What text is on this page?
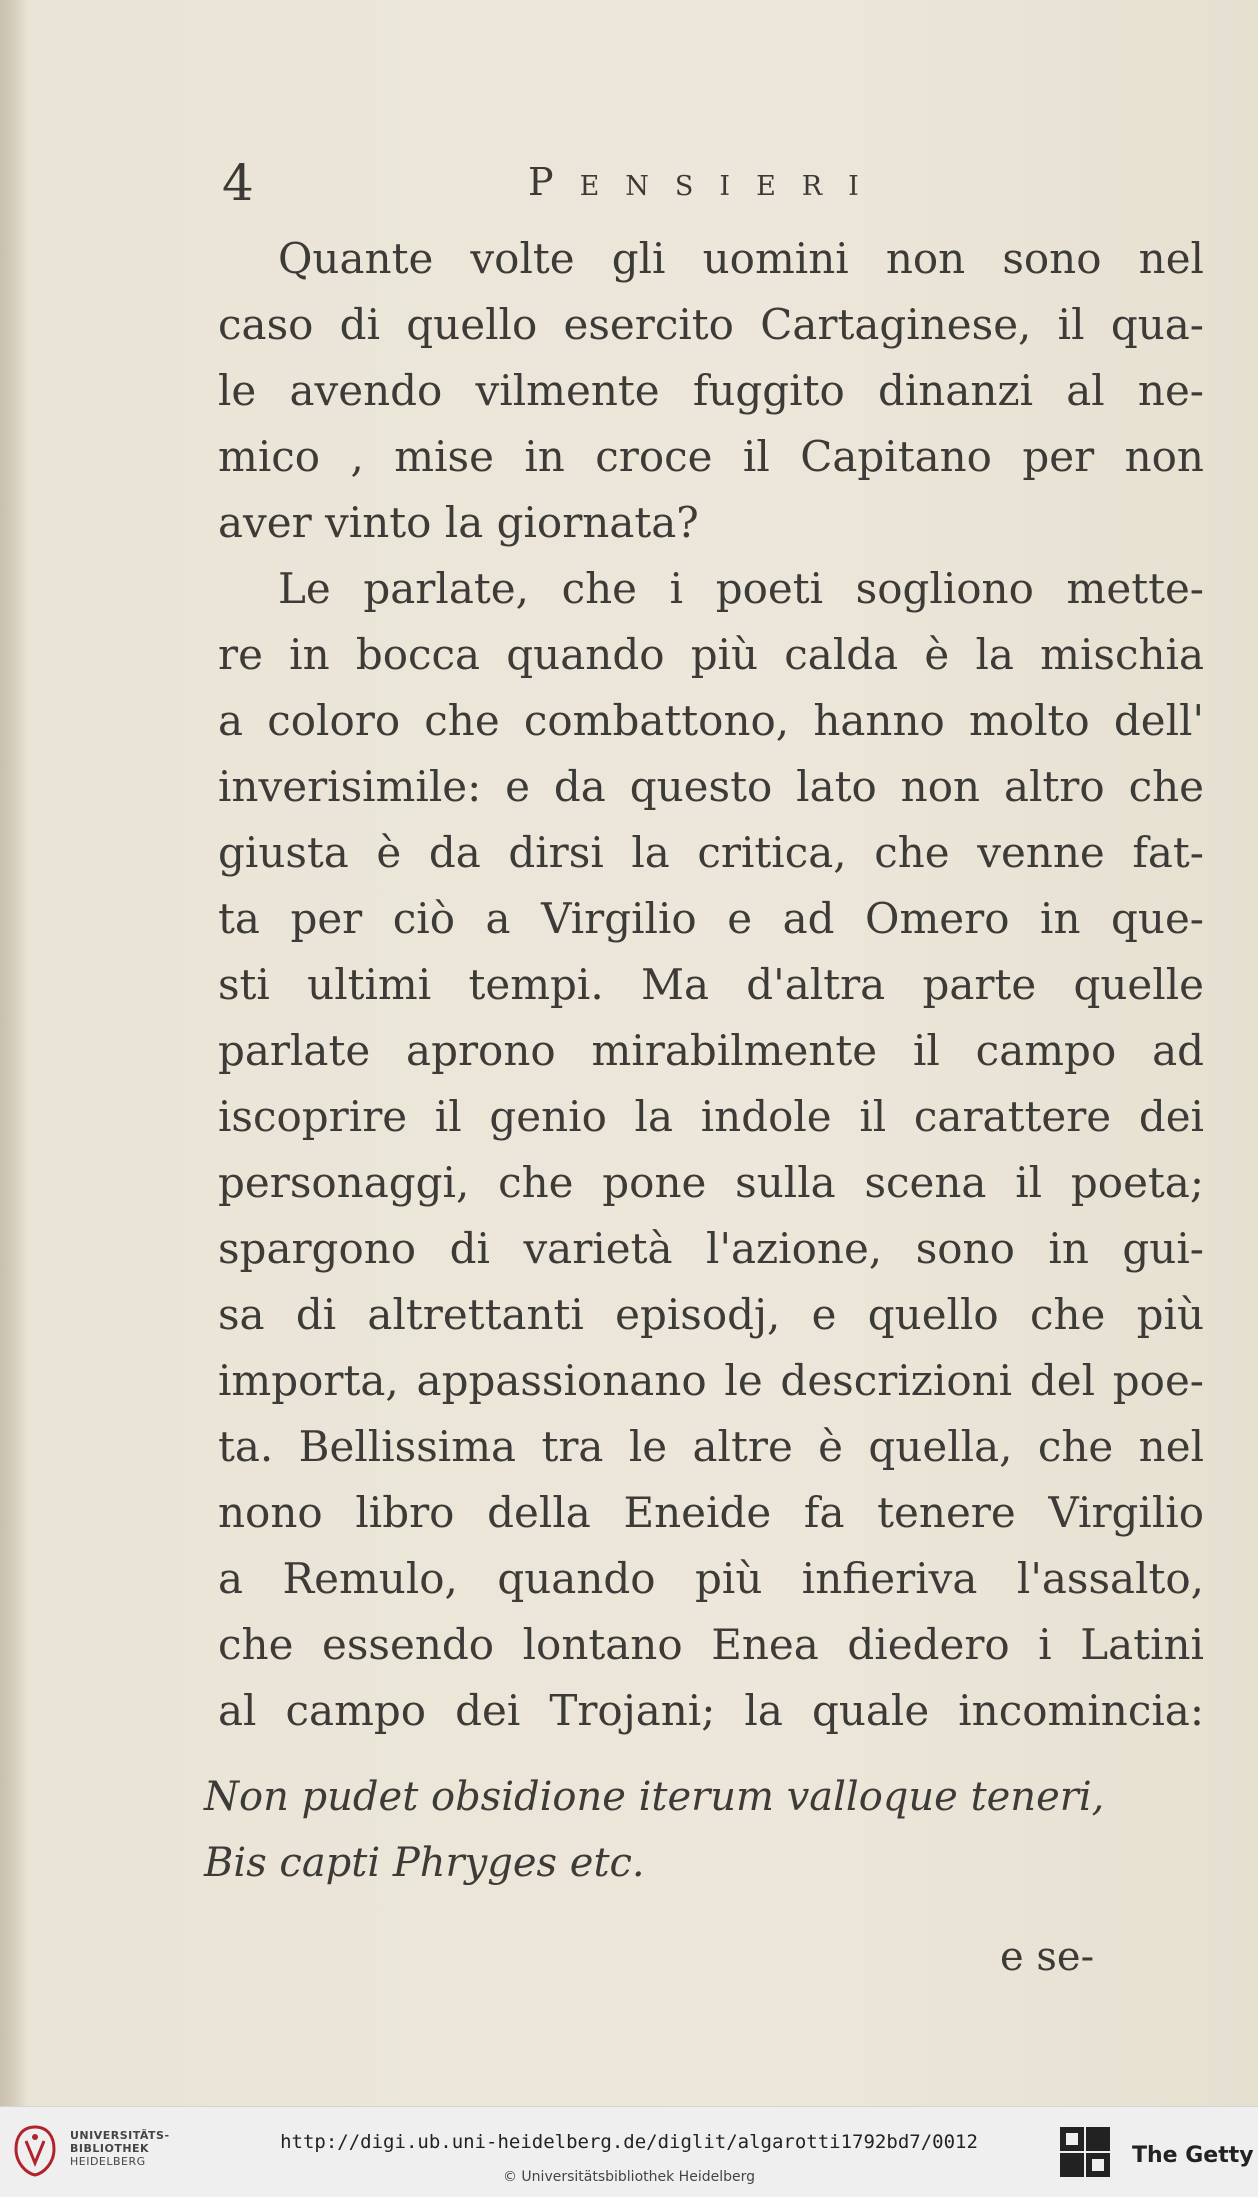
4	Pensieri
Quante volte gli uomini non sono nel
caso di quello esercito Cartaginese, il qua-
le avendo vilmente fuggito dinanzi al ne-
mico , mise in croce il Capitano per non
aver vinto la giornata?
Le parlate, che i poeti sogliono mette-
re in bocca quando più calda è la mischia
a coloro che combattono, hanno molto dell'
inverisimile: e da questo lato non altro che
giusta è da dirsi la critica, che venne fat-
ta per ciò a Virgilio e ad Omero in que-
sti ultimi tempi. Ma d'altra parte quelle
parlate aprono mirabilmente il campo ad
iscoprire il genio la indole il carattere dei
personaggi, che pone sulla scena il poeta;
spargono di varietà l'azione, sono in gui-
sa di altrettanti episodj, e quello che più
importa, appassionano le descrizioni del poe-
ta. Bellissima tra le altre è quella, che nel
nono libro della Eneide fa tenere Virgilio
a Remulo, quando più infieriva l'assalto,
che essendo lontano Enea diedero i Latini
al campo dei Trojani; la quale incomincia:
Non pudet obsidione iterum valloque teneri,
Bis capti Phryges etc.
e se-
UNIVERSITÄTS-
BIBLIOTHEK
HEIDELBERG
http://digi.ub.uni-heidelberg.de/diglit/algarotti1792bd7/0012
© Universitätsbibliothek Heidelberg
The Getty
